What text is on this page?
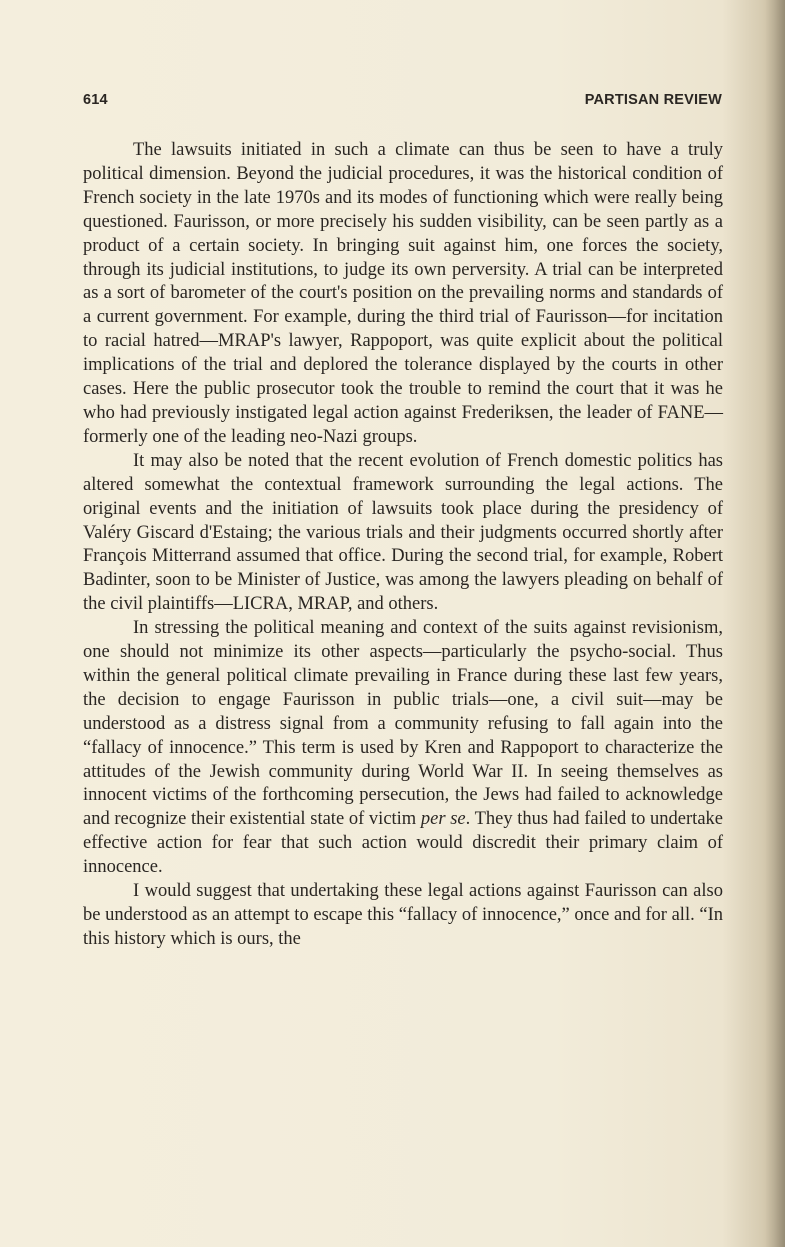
614	PARTISAN REVIEW

The lawsuits initiated in such a climate can thus be seen to have a truly political dimension. Beyond the judicial procedures, it was the historical condition of French society in the late 1970s and its modes of functioning which were really being questioned. Faurisson, or more precisely his sudden visibility, can be seen partly as a product of a certain society. In bringing suit against him, one forces the society, through its judicial institutions, to judge its own perversity. A trial can be interpreted as a sort of barometer of the court's position on the prevailing norms and standards of a current government. For example, during the third trial of Faurisson—for incitation to racial hatred—MRAP's lawyer, Rappoport, was quite explicit about the political implications of the trial and deplored the tolerance displayed by the courts in other cases. Here the public prosecutor took the trouble to remind the court that it was he who had previously instigated legal action against Frederiksen, the leader of FANE—formerly one of the leading neo-Nazi groups.

It may also be noted that the recent evolution of French domestic politics has altered somewhat the contextual framework surrounding the legal actions. The original events and the initiation of lawsuits took place during the presidency of Valéry Giscard d'Estaing; the various trials and their judgments occurred shortly after François Mitterrand assumed that office. During the second trial, for example, Robert Badinter, soon to be Minister of Justice, was among the lawyers pleading on behalf of the civil plaintiffs—LICRA, MRAP, and others.

In stressing the political meaning and context of the suits against revisionism, one should not minimize its other aspects—particularly the psycho-social. Thus within the general political climate prevailing in France during these last few years, the decision to engage Faurisson in public trials—one, a civil suit—may be understood as a distress signal from a community refusing to fall again into the “fallacy of innocence.” This term is used by Kren and Rappoport to characterize the attitudes of the Jewish community during World War II. In seeing themselves as innocent victims of the forthcoming persecution, the Jews had failed to acknowledge and recognize their existential state of victim per se. They thus had failed to undertake effective action for fear that such action would discredit their primary claim of innocence.

I would suggest that undertaking these legal actions against Faurisson can also be understood as an attempt to escape this “fallacy of innocence,” once and for all. “In this history which is ours, the
